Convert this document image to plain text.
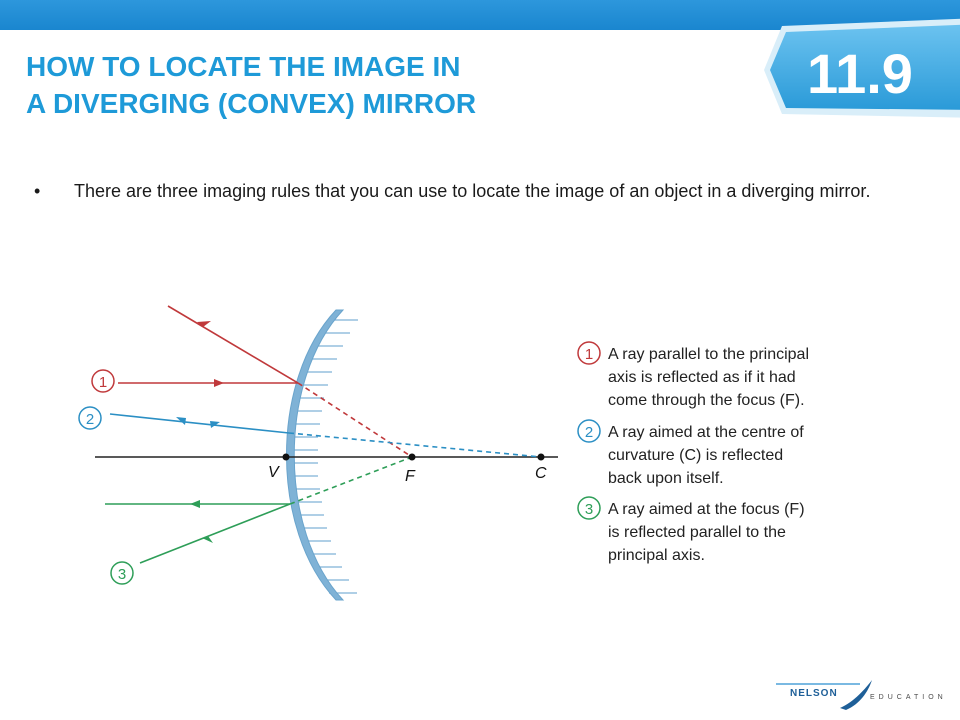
HOW TO LOCATE THE IMAGE IN
A DIVERGING (CONVEX) MIRROR	11.9
• There are three imaging rules that you can use to locate the image of an object in a diverging mirror.
V	F	C
1
2
3
1 A ray parallel to the principal
axis is reflected as if it had
come through the focus (F).
2 A ray aimed at the centre of
curvature (C) is reflected
back upon itself.
3 A ray aimed at the focus (F)
is reflected parallel to the
principal axis.
NELSON	EDUCATION
